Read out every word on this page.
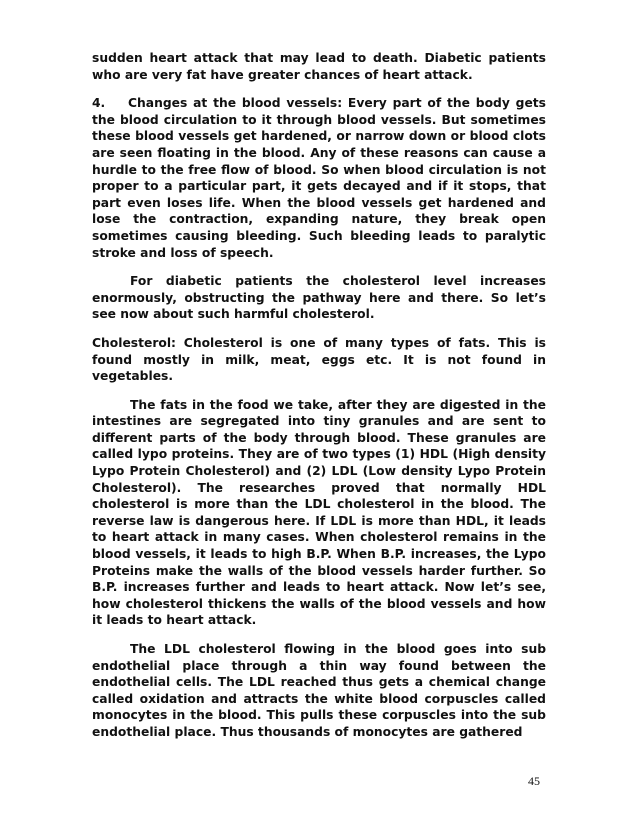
sudden heart attack that may lead to death. Diabetic patients who are very fat have greater chances of heart attack.

4. Changes at the blood vessels: Every part of the body gets the blood circulation to it through blood vessels. But sometimes these blood vessels get hardened, or narrow down or blood clots are seen floating in the blood. Any of these reasons can cause a hurdle to the free flow of blood. So when blood circulation is not proper to a particular part, it gets decayed and if it stops, that part even loses life. When the blood vessels get hardened and lose the contraction, expanding nature, they break open sometimes causing bleeding. Such bleeding leads to paralytic stroke and loss of speech.

For diabetic patients the cholesterol level increases enormously, obstructing the pathway here and there. So let’s see now about such harmful cholesterol.

Cholesterol: Cholesterol is one of many types of fats. This is found mostly in milk, meat, eggs etc. It is not found in vegetables.

The fats in the food we take, after they are digested in the intestines are segregated into tiny granules and are sent to different parts of the body through blood. These granules are called lypo proteins. They are of two types (1) HDL (High density Lypo Protein Cholesterol) and (2) LDL (Low density Lypo Protein Cholesterol). The researches proved that normally HDL cholesterol is more than the LDL cholesterol in the blood. The reverse law is dangerous here. If LDL is more than HDL, it leads to heart attack in many cases. When cholesterol remains in the blood vessels, it leads to high B.P. When B.P. increases, the Lypo Proteins make the walls of the blood vessels harder further. So B.P. increases further and leads to heart attack. Now let’s see, how cholesterol thickens the walls of the blood vessels and how it leads to heart attack.

The LDL cholesterol flowing in the blood goes into sub endothelial place through a thin way found between the endothelial cells. The LDL reached thus gets a chemical change called oxidation and attracts the white blood corpuscles called monocytes in the blood. This pulls these corpuscles into the sub endothelial place. Thus thousands of monocytes are gathered

45
